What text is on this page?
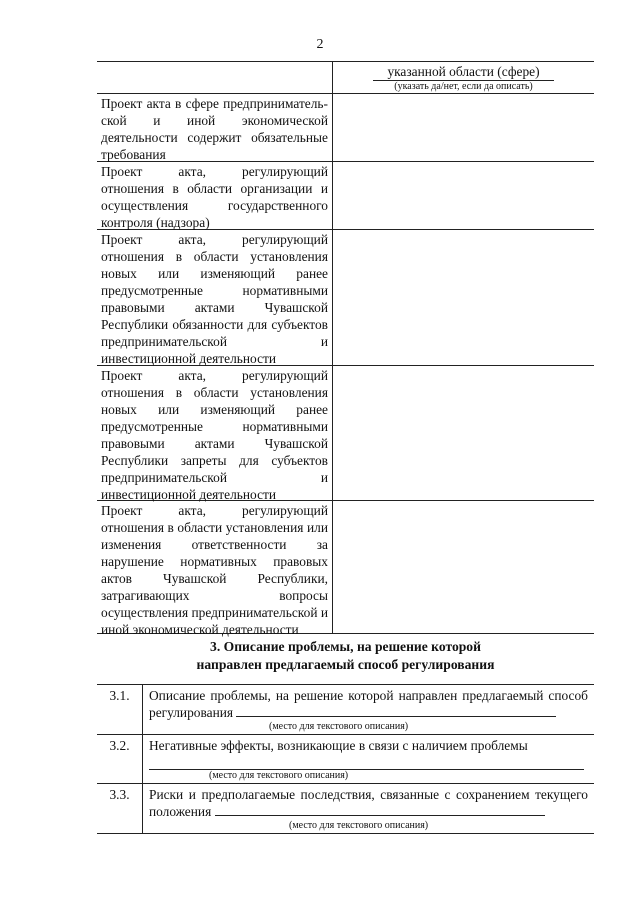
2
указанной области (сфере)
(указать да/нет, если да описать)
Проект акта в сфере предпринимательской и иной экономической деятельности содержит обязательные требования
Проект акта, регулирующий отношения в области организации и осуществления государственного контроля (надзора)
Проект акта, регулирующий отношения в области установления новых или изменяющий ранее предусмотренные нормативными правовыми актами Чувашской Республики обязанности для субъектов предпринимательской и инвестиционной деятельности
Проект акта, регулирующий отношения в области установления новых или изменяющий ранее предусмотренные нормативными правовыми актами Чувашской Республики запреты для субъектов предпринимательской и инвестиционной деятельности
Проект акта, регулирующий отношения в области установления или изменения ответственности за нарушение нормативных правовых актов Чувашской Республики, затрагивающих вопросы осуществления предпринимательской и иной экономической деятельности
3. Описание проблемы, на решение которой
направлен предлагаемый способ регулирования
3.1.	Описание проблемы, на решение которой направлен предлагаемый способ регулирования
(место для текстового описания)
3.2.	Негативные эффекты, возникающие в связи с наличием проблемы
(место для текстового описания)
3.3.	Риски и предполагаемые последствия, связанные с сохранением текущего положения
(место для текстового описания)
